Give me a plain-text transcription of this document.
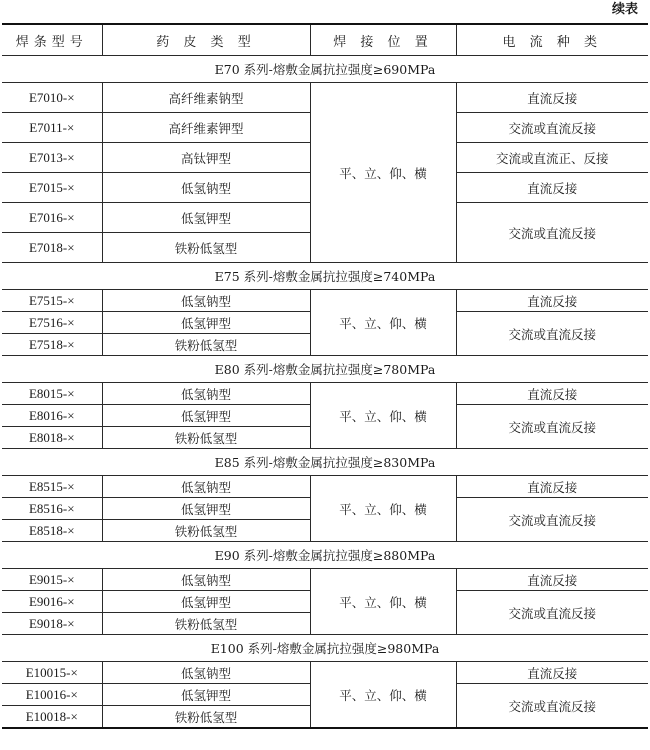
续表
焊条型号	药 皮 类 型	焊 接 位 置	电 流 种 类
E70 系列-熔敷金属抗拉强度≥690MPa			
E7010-×	高纤维素钠型	平、立、仰、横	直流反接
E7011-×	高纤维素钾型		交流或直流反接
E7013-×	高钛钾型		交流或直流正、反接
E7015-×	低氢钠型		直流反接
E7016-×	低氢钾型		交流或直流反接
E7018-×	铁粉低氢型		
E75 系列-熔敷金属抗拉强度≥740MPa			
E7515-×	低氢钠型	平、立、仰、横	直流反接
E7516-×	低氢钾型		交流或直流反接
E7518-×	铁粉低氢型		
E80 系列-熔敷金属抗拉强度≥780MPa			
E8015-×	低氢钠型	平、立、仰、横	直流反接
E8016-×	低氢钾型		交流或直流反接
E8018-×	铁粉低氢型		
E85 系列-熔敷金属抗拉强度≥830MPa			
E8515-×	低氢钠型	平、立、仰、横	直流反接
E8516-×	低氢钾型		交流或直流反接
E8518-×	铁粉低氢型		
E90 系列-熔敷金属抗拉强度≥880MPa			
E9015-×	低氢钠型	平、立、仰、横	直流反接
E9016-×	低氢钾型		交流或直流反接
E9018-×	铁粉低氢型		
E100 系列-熔敷金属抗拉强度≥980MPa			
E10015-×	低氢钠型	平、立、仰、横	直流反接
E10016-×	低氢钾型		交流或直流反接
E10018-×	铁粉低氢型		
